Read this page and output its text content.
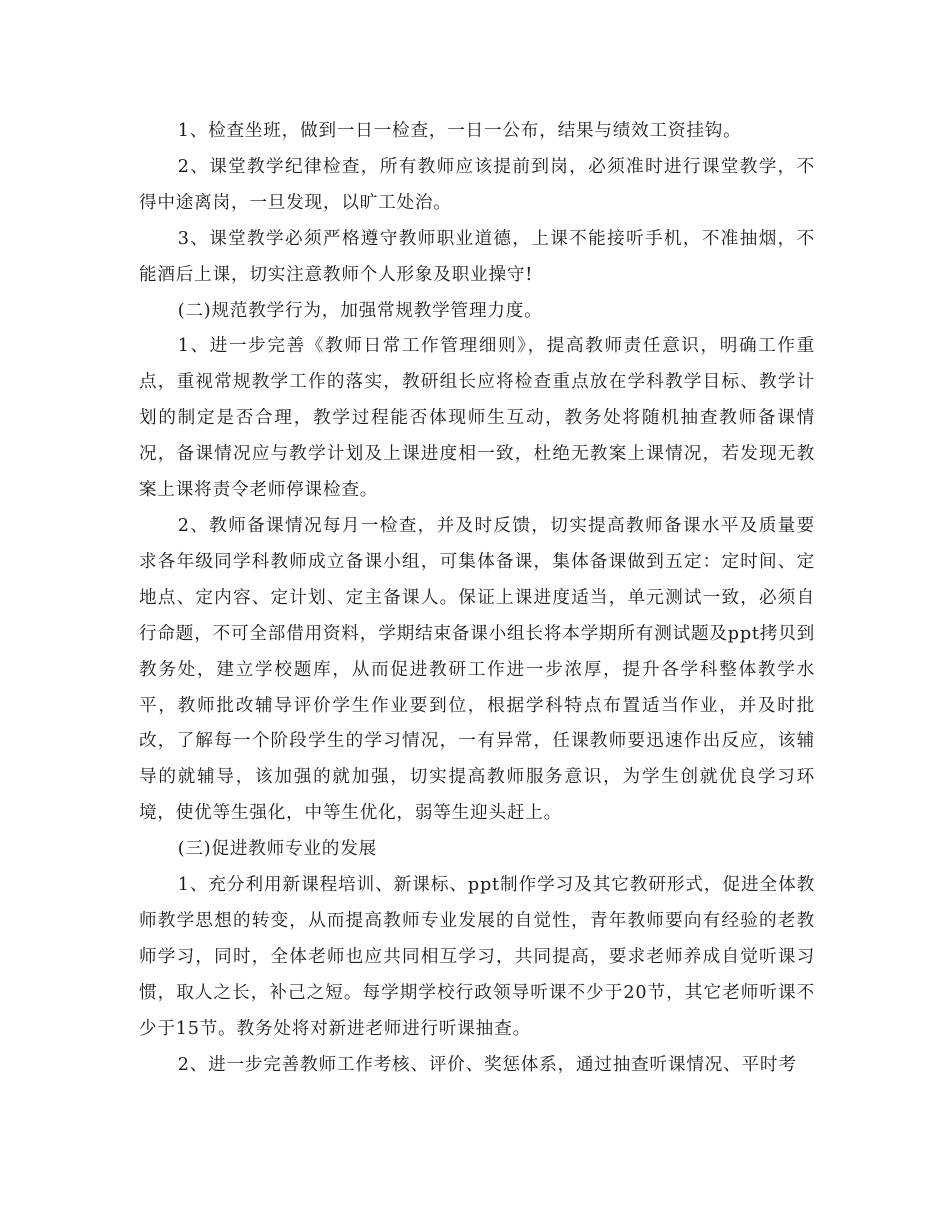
1、检查坐班，做到一日一检查，一日一公布，结果与绩效工资挂钩。

2、课堂教学纪律检查，所有教师应该提前到岗，必须准时进行课堂教学，不得中途离岗，一旦发现，以旷工处治。

3、课堂教学必须严格遵守教师职业道德，上课不能接听手机，不准抽烟，不能酒后上课，切实注意教师个人形象及职业操守!

(二)规范教学行为，加强常规教学管理力度。

1、进一步完善《教师日常工作管理细则》，提高教师责任意识，明确工作重点，重视常规教学工作的落实，教研组长应将检查重点放在学科教学目标、教学计划的制定是否合理，教学过程能否体现师生互动，教务处将随机抽查教师备课情况，备课情况应与教学计划及上课进度相一致，杜绝无教案上课情况，若发现无教案上课将责令老师停课检查。

2、教师备课情况每月一检查，并及时反馈，切实提高教师备课水平及质量要求各年级同学科教师成立备课小组，可集体备课，集体备课做到五定：定时间、定地点、定内容、定计划、定主备课人。保证上课进度适当，单元测试一致，必须自行命题，不可全部借用资料，学期结束备课小组长将本学期所有测试题及ppt拷贝到教务处，建立学校题库，从而促进教研工作进一步浓厚，提升各学科整体教学水平，教师批改辅导评价学生作业要到位，根据学科特点布置适当作业，并及时批改，了解每一个阶段学生的学习情况，一有异常，任课教师要迅速作出反应，该辅导的就辅导，该加强的就加强，切实提高教师服务意识，为学生创就优良学习环境，使优等生强化，中等生优化，弱等生迎头赶上。

(三)促进教师专业的发展

1、充分利用新课程培训、新课标、ppt制作学习及其它教研形式，促进全体教师教学思想的转变，从而提高教师专业发展的自觉性，青年教师要向有经验的老教师学习，同时，全体老师也应共同相互学习，共同提高，要求老师养成自觉听课习惯，取人之长，补己之短。每学期学校行政领导听课不少于20节，其它老师听课不少于15节。教务处将对新进老师进行听课抽查。

2、进一步完善教师工作考核、评价、奖惩体系，通过抽查听课情况、平时考
